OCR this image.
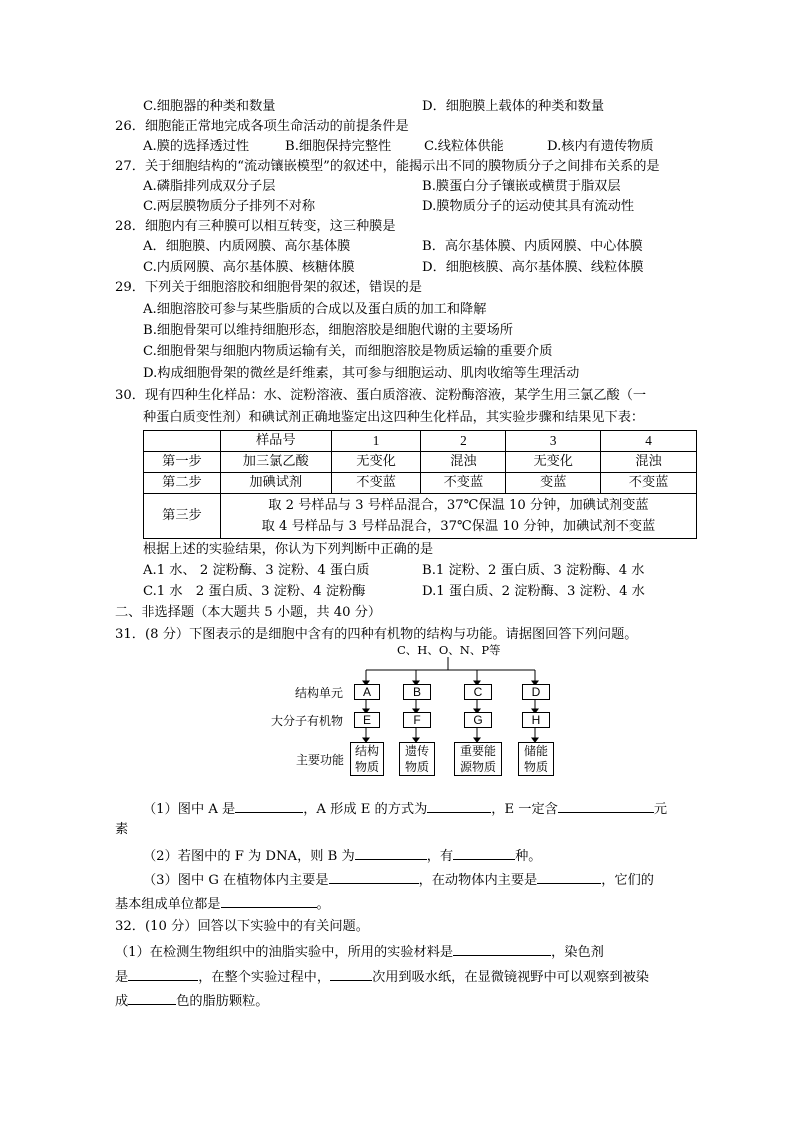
C.细胞器的种类和数量	D．细胞膜上载体的种类和数量
26．细胞能正常地完成各项生命活动的前提条件是
A.膜的选择透过性	B.细胞保持完整性 C.线粒体供能	D.核内有遗传物质
27．关于细胞结构的“流动镶嵌模型”的叙述中，能揭示出不同的膜物质分子之间排布关系的是
A.磷脂排列成双分子层	B.膜蛋白分子镶嵌或横贯于脂双层
C.两层膜物质分子排列不对称	D.膜物质分子的运动使其具有流动性
28．细胞内有三种膜可以相互转变，这三种膜是
A．细胞膜、内质网膜、高尔基体膜	B．高尔基体膜、内质网膜、中心体膜
C.内质网膜、高尔基体膜、核糖体膜	D．细胞核膜、高尔基体膜、线粒体膜
29．下列关于细胞溶胶和细胞骨架的叙述，错误的是
A.细胞溶胶可参与某些脂质的合成以及蛋白质的加工和降解
B.细胞骨架可以维持细胞形态，细胞溶胶是细胞代谢的主要场所
C.细胞骨架与细胞内物质运输有关，而细胞溶胶是物质运输的重要介质
D.构成细胞骨架的微丝是纤维素，其可参与细胞运动、肌肉收缩等生理活动
30．现有四种生化样品：水、淀粉溶液、蛋白质溶液、淀粉酶溶液，某学生用三氯乙酸（一
种蛋白质变性剂）和碘试剂正确地鉴定出这四种生化样品，其实验步骤和结果见下表：
	样品号	1	2	3	4
第一步	加三氯乙酸	无变化	混浊	无变化	混浊
第二步	加碘试剂	不变蓝	不变蓝	变蓝	不变蓝
第三步	取 2 号样品与 3 号样品混合，37℃保温 10 分钟，加碘试剂变蓝
取 4 号样品与 3 号样品混合，37℃保温 10 分钟，加碘试剂不变蓝				
根据上述的实验结果，你认为下列判断中正确的是
A.1 水、 2 淀粉酶、3 淀粉、4 蛋白质	B.1 淀粉、2 蛋白质、3 淀粉酶、4 水
C.1 水　2 蛋白质、3 淀粉、4 淀粉酶	D.1 蛋白质、2 淀粉酶、3 淀粉、4 水
二、非选择题（本大题共 5 小题，共 40 分）
31．(8 分）下图表示的是细胞中含有的四种有机物的结构与功能。请据图回答下列问题。
C、H、O、N、P等
结构单元
大分子有机物
主要功能
A	B	C	D
E	F	G	H
结构
物质
遗传
物质
重要能
源物质
储能
物质
（1）图中 A 是	，A 形成 E 的方式为	，E 一定含	元
素
（2）若图中的 F 为 DNA，则 B 为	，有	种。
（3）图中 G 在植物体内主要是	，在动物体内主要是	，它们的
基本组成单位都是	。
32．(10 分）回答以下实验中的有关问题。
（1）在检测生物组织中的油脂实验中，所用的实验材料是	，染色剂
是	，在整个实验过程中，	次用到吸水纸，在显微镜视野中可以观察到被染
成	色的脂肪颗粒。
